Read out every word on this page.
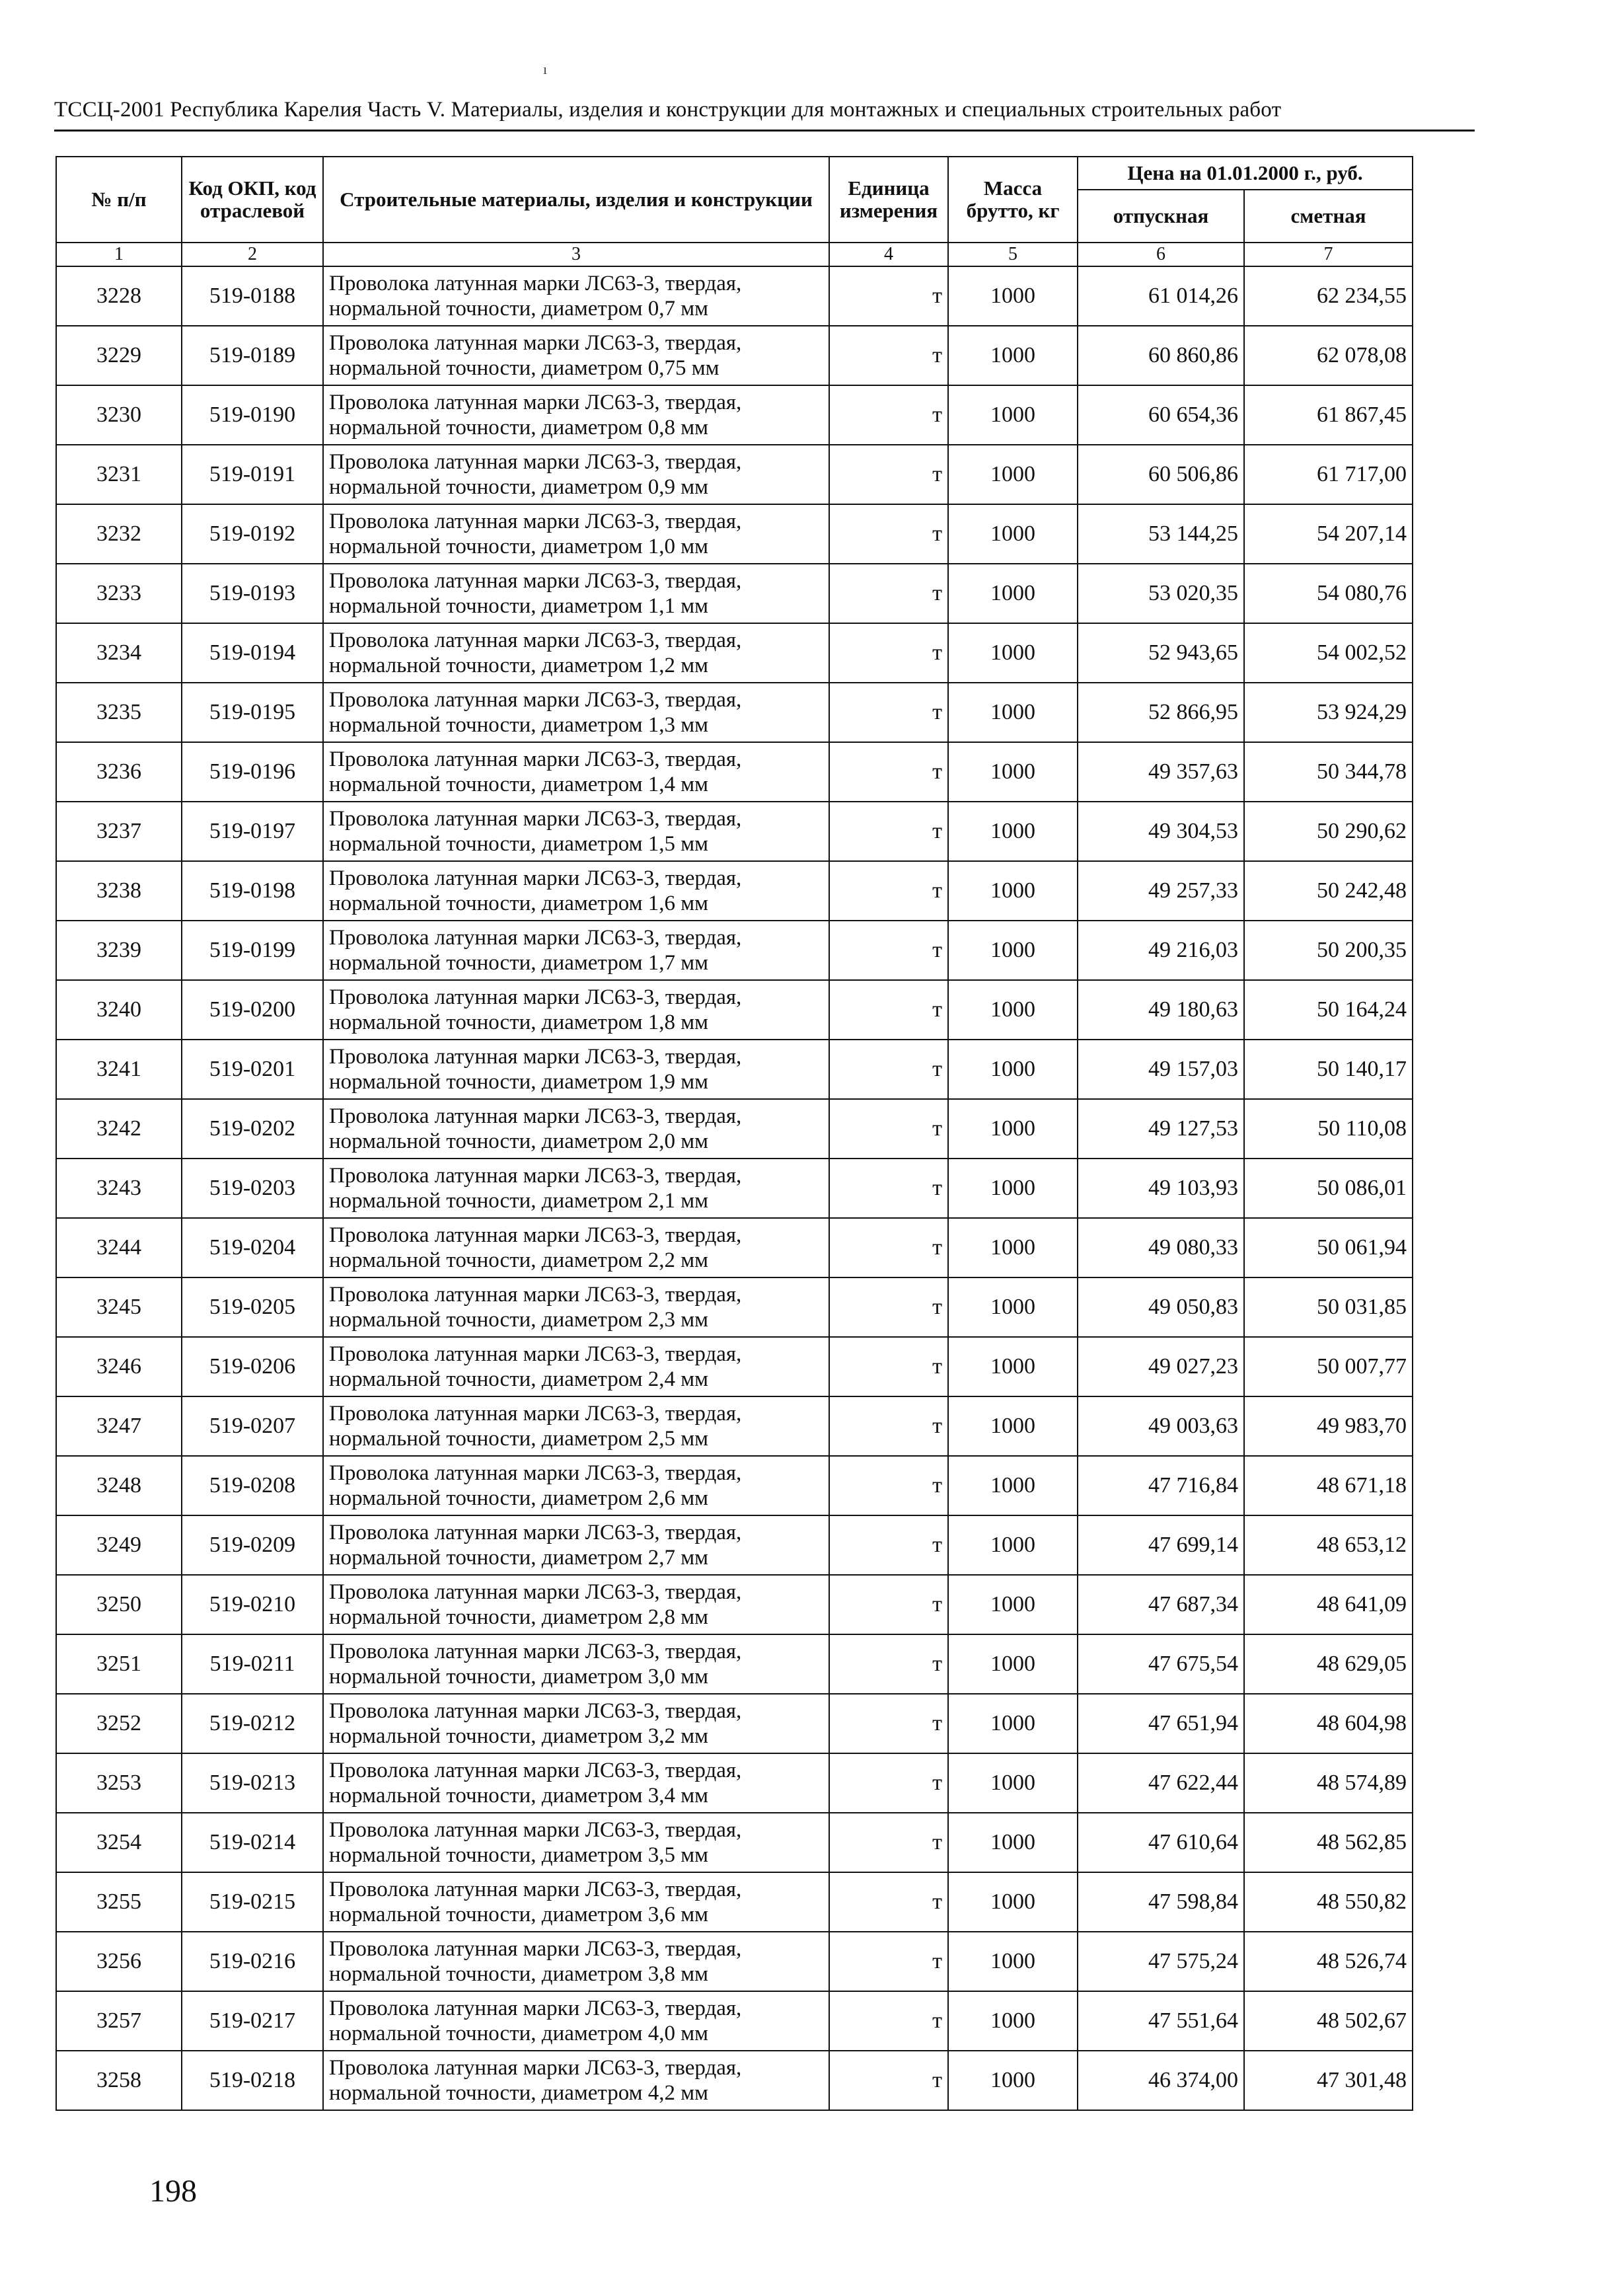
ı
ТССЦ-2001 Республика Карелия Часть V. Материалы, изделия и конструкции для монтажных и специальных строительных работ
№ п/п	Код ОКП, код отраслевой	Строительные материалы, изделия и конструкции	Единица измерения	Масса брутто, кг	Цена на 01.01.2000 г., руб.	
					отпускная	сметная
1	2	3	4	5	6	7
3228	519-0188	Проволока латунная марки ЛС63-3, твердая,
нормальной точности, диаметром 0,7 мм	т	1000	61 014,26	62 234,55
3229	519-0189	Проволока латунная марки ЛС63-3, твердая,
нормальной точности, диаметром 0,75 мм	т	1000	60 860,86	62 078,08
3230	519-0190	Проволока латунная марки ЛС63-3, твердая,
нормальной точности, диаметром 0,8 мм	т	1000	60 654,36	61 867,45
3231	519-0191	Проволока латунная марки ЛС63-3, твердая,
нормальной точности, диаметром 0,9 мм	т	1000	60 506,86	61 717,00
3232	519-0192	Проволока латунная марки ЛС63-3, твердая,
нормальной точности, диаметром 1,0 мм	т	1000	53 144,25	54 207,14
3233	519-0193	Проволока латунная марки ЛС63-3, твердая,
нормальной точности, диаметром 1,1 мм	т	1000	53 020,35	54 080,76
3234	519-0194	Проволока латунная марки ЛС63-3, твердая,
нормальной точности, диаметром 1,2 мм	т	1000	52 943,65	54 002,52
3235	519-0195	Проволока латунная марки ЛС63-3, твердая,
нормальной точности, диаметром 1,3 мм	т	1000	52 866,95	53 924,29
3236	519-0196	Проволока латунная марки ЛС63-3, твердая,
нормальной точности, диаметром 1,4 мм	т	1000	49 357,63	50 344,78
3237	519-0197	Проволока латунная марки ЛС63-3, твердая,
нормальной точности, диаметром 1,5 мм	т	1000	49 304,53	50 290,62
3238	519-0198	Проволока латунная марки ЛС63-3, твердая,
нормальной точности, диаметром 1,6 мм	т	1000	49 257,33	50 242,48
3239	519-0199	Проволока латунная марки ЛС63-3, твердая,
нормальной точности, диаметром 1,7 мм	т	1000	49 216,03	50 200,35
3240	519-0200	Проволока латунная марки ЛС63-3, твердая,
нормальной точности, диаметром 1,8 мм	т	1000	49 180,63	50 164,24
3241	519-0201	Проволока латунная марки ЛС63-3, твердая,
нормальной точности, диаметром 1,9 мм	т	1000	49 157,03	50 140,17
3242	519-0202	Проволока латунная марки ЛС63-3, твердая,
нормальной точности, диаметром 2,0 мм	т	1000	49 127,53	50 110,08
3243	519-0203	Проволока латунная марки ЛС63-3, твердая,
нормальной точности, диаметром 2,1 мм	т	1000	49 103,93	50 086,01
3244	519-0204	Проволока латунная марки ЛС63-3, твердая,
нормальной точности, диаметром 2,2 мм	т	1000	49 080,33	50 061,94
3245	519-0205	Проволока латунная марки ЛС63-3, твердая,
нормальной точности, диаметром 2,3 мм	т	1000	49 050,83	50 031,85
3246	519-0206	Проволока латунная марки ЛС63-3, твердая,
нормальной точности, диаметром 2,4 мм	т	1000	49 027,23	50 007,77
3247	519-0207	Проволока латунная марки ЛС63-3, твердая,
нормальной точности, диаметром 2,5 мм	т	1000	49 003,63	49 983,70
3248	519-0208	Проволока латунная марки ЛС63-3, твердая,
нормальной точности, диаметром 2,6 мм	т	1000	47 716,84	48 671,18
3249	519-0209	Проволока латунная марки ЛС63-3, твердая,
нормальной точности, диаметром 2,7 мм	т	1000	47 699,14	48 653,12
3250	519-0210	Проволока латунная марки ЛС63-3, твердая,
нормальной точности, диаметром 2,8 мм	т	1000	47 687,34	48 641,09
3251	519-0211	Проволока латунная марки ЛС63-3, твердая,
нормальной точности, диаметром 3,0 мм	т	1000	47 675,54	48 629,05
3252	519-0212	Проволока латунная марки ЛС63-3, твердая,
нормальной точности, диаметром 3,2 мм	т	1000	47 651,94	48 604,98
3253	519-0213	Проволока латунная марки ЛС63-3, твердая,
нормальной точности, диаметром 3,4 мм	т	1000	47 622,44	48 574,89
3254	519-0214	Проволока латунная марки ЛС63-3, твердая,
нормальной точности, диаметром 3,5 мм	т	1000	47 610,64	48 562,85
3255	519-0215	Проволока латунная марки ЛС63-3, твердая,
нормальной точности, диаметром 3,6 мм	т	1000	47 598,84	48 550,82
3256	519-0216	Проволока латунная марки ЛС63-3, твердая,
нормальной точности, диаметром 3,8 мм	т	1000	47 575,24	48 526,74
3257	519-0217	Проволока латунная марки ЛС63-3, твердая,
нормальной точности, диаметром 4,0 мм	т	1000	47 551,64	48 502,67
3258	519-0218	Проволока латунная марки ЛС63-3, твердая,
нормальной точности, диаметром 4,2 мм	т	1000	46 374,00	47 301,48
198
